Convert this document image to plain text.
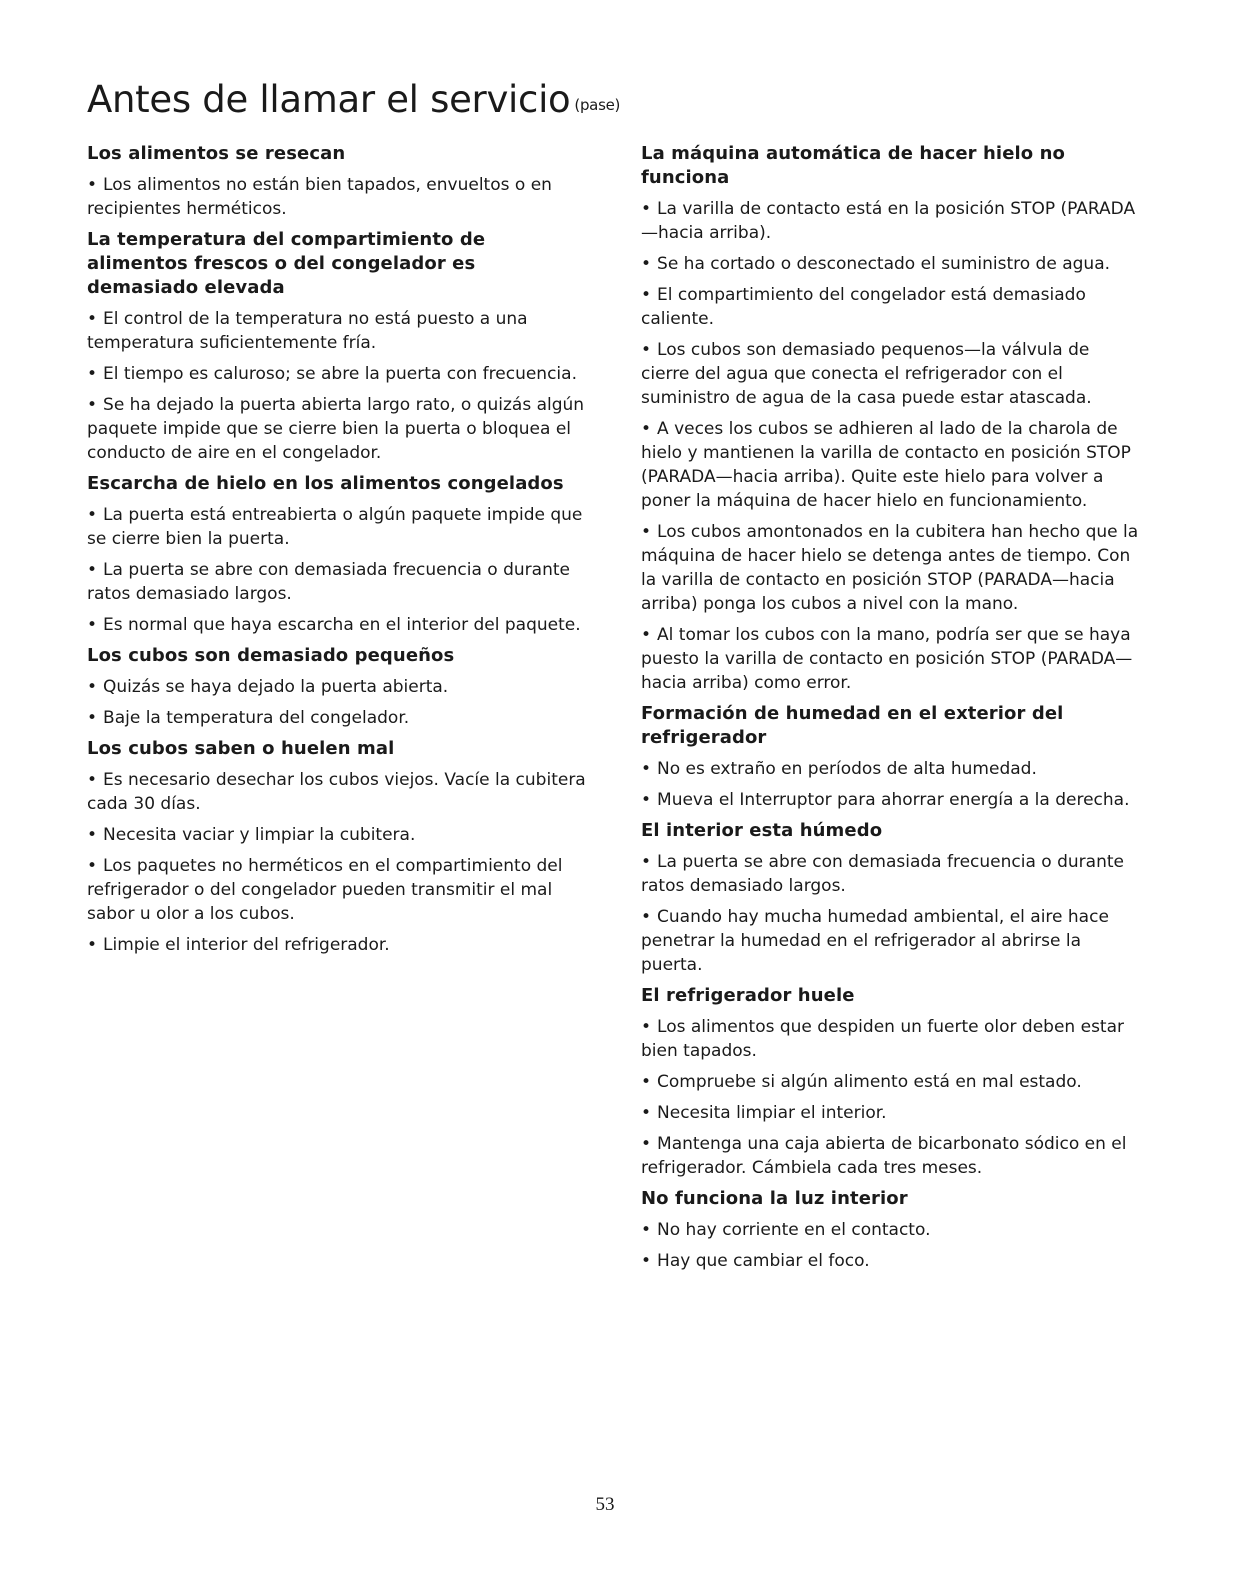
Antes de llamar el servicio (pase)
Los alimentos se resecan
• Los alimentos no están bien tapados, envueltos o en recipientes herméticos.
La temperatura del compartimiento de alimentos frescos o del congelador es demasiado elevada
• El control de la temperatura no está puesto a una temperatura suficientemente fría.
• El tiempo es caluroso; se abre la puerta con frecuencia.
• Se ha dejado la puerta abierta largo rato, o quizás algún paquete impide que se cierre bien la puerta o bloquea el conducto de aire en el congelador.
Escarcha de hielo en los alimentos congelados
• La puerta está entreabierta o algún paquete impide que se cierre bien la puerta.
• La puerta se abre con demasiada frecuencia o durante ratos demasiado largos.
• Es normal que haya escarcha en el interior del paquete.
Los cubos son demasiado pequeños
• Quizás se haya dejado la puerta abierta.
• Baje la temperatura del congelador.
Los cubos saben o huelen mal
• Es necesario desechar los cubos viejos. Vacíe la cubitera cada 30 días.
• Necesita vaciar y limpiar la cubitera.
• Los paquetes no herméticos en el compartimiento del refrigerador o del congelador pueden transmitir el mal sabor u olor a los cubos.
• Limpie el interior del refrigerador.
La máquina automática de hacer hielo no funciona
• La varilla de contacto está en la posición STOP (PARADA—hacia arriba).
• Se ha cortado o desconectado el suministro de agua.
• El compartimiento del congelador está demasiado caliente.
• Los cubos son demasiado pequenos—la válvula de cierre del agua que conecta el refrigerador con el suministro de agua de la casa puede estar atascada.
• A veces los cubos se adhieren al lado de la charola de hielo y mantienen la varilla de contacto en posición STOP (PARADA—hacia arriba). Quite este hielo para volver a poner la máquina de hacer hielo en funcionamiento.
• Los cubos amontonados en la cubitera han hecho que la máquina de hacer hielo se detenga antes de tiempo. Con la varilla de contacto en posición STOP (PARADA—hacia arriba) ponga los cubos a nivel con la mano.
• Al tomar los cubos con la mano, podría ser que se haya puesto la varilla de contacto en posición STOP (PARADA—hacia arriba) como error.
Formación de humedad en el exterior del refrigerador
• No es extraño en períodos de alta humedad.
• Mueva el Interruptor para ahorrar energía a la derecha.
El interior esta húmedo
• La puerta se abre con demasiada frecuencia o durante ratos demasiado largos.
• Cuando hay mucha humedad ambiental, el aire hace penetrar la humedad en el refrigerador al abrirse la puerta.
El refrigerador huele
• Los alimentos que despiden un fuerte olor deben estar bien tapados.
• Compruebe si algún alimento está en mal estado.
• Necesita limpiar el interior.
• Mantenga una caja abierta de bicarbonato sódico en el refrigerador. Cámbiela cada tres meses.
No funciona la luz interior
• No hay corriente en el contacto.
• Hay que cambiar el foco.
53
